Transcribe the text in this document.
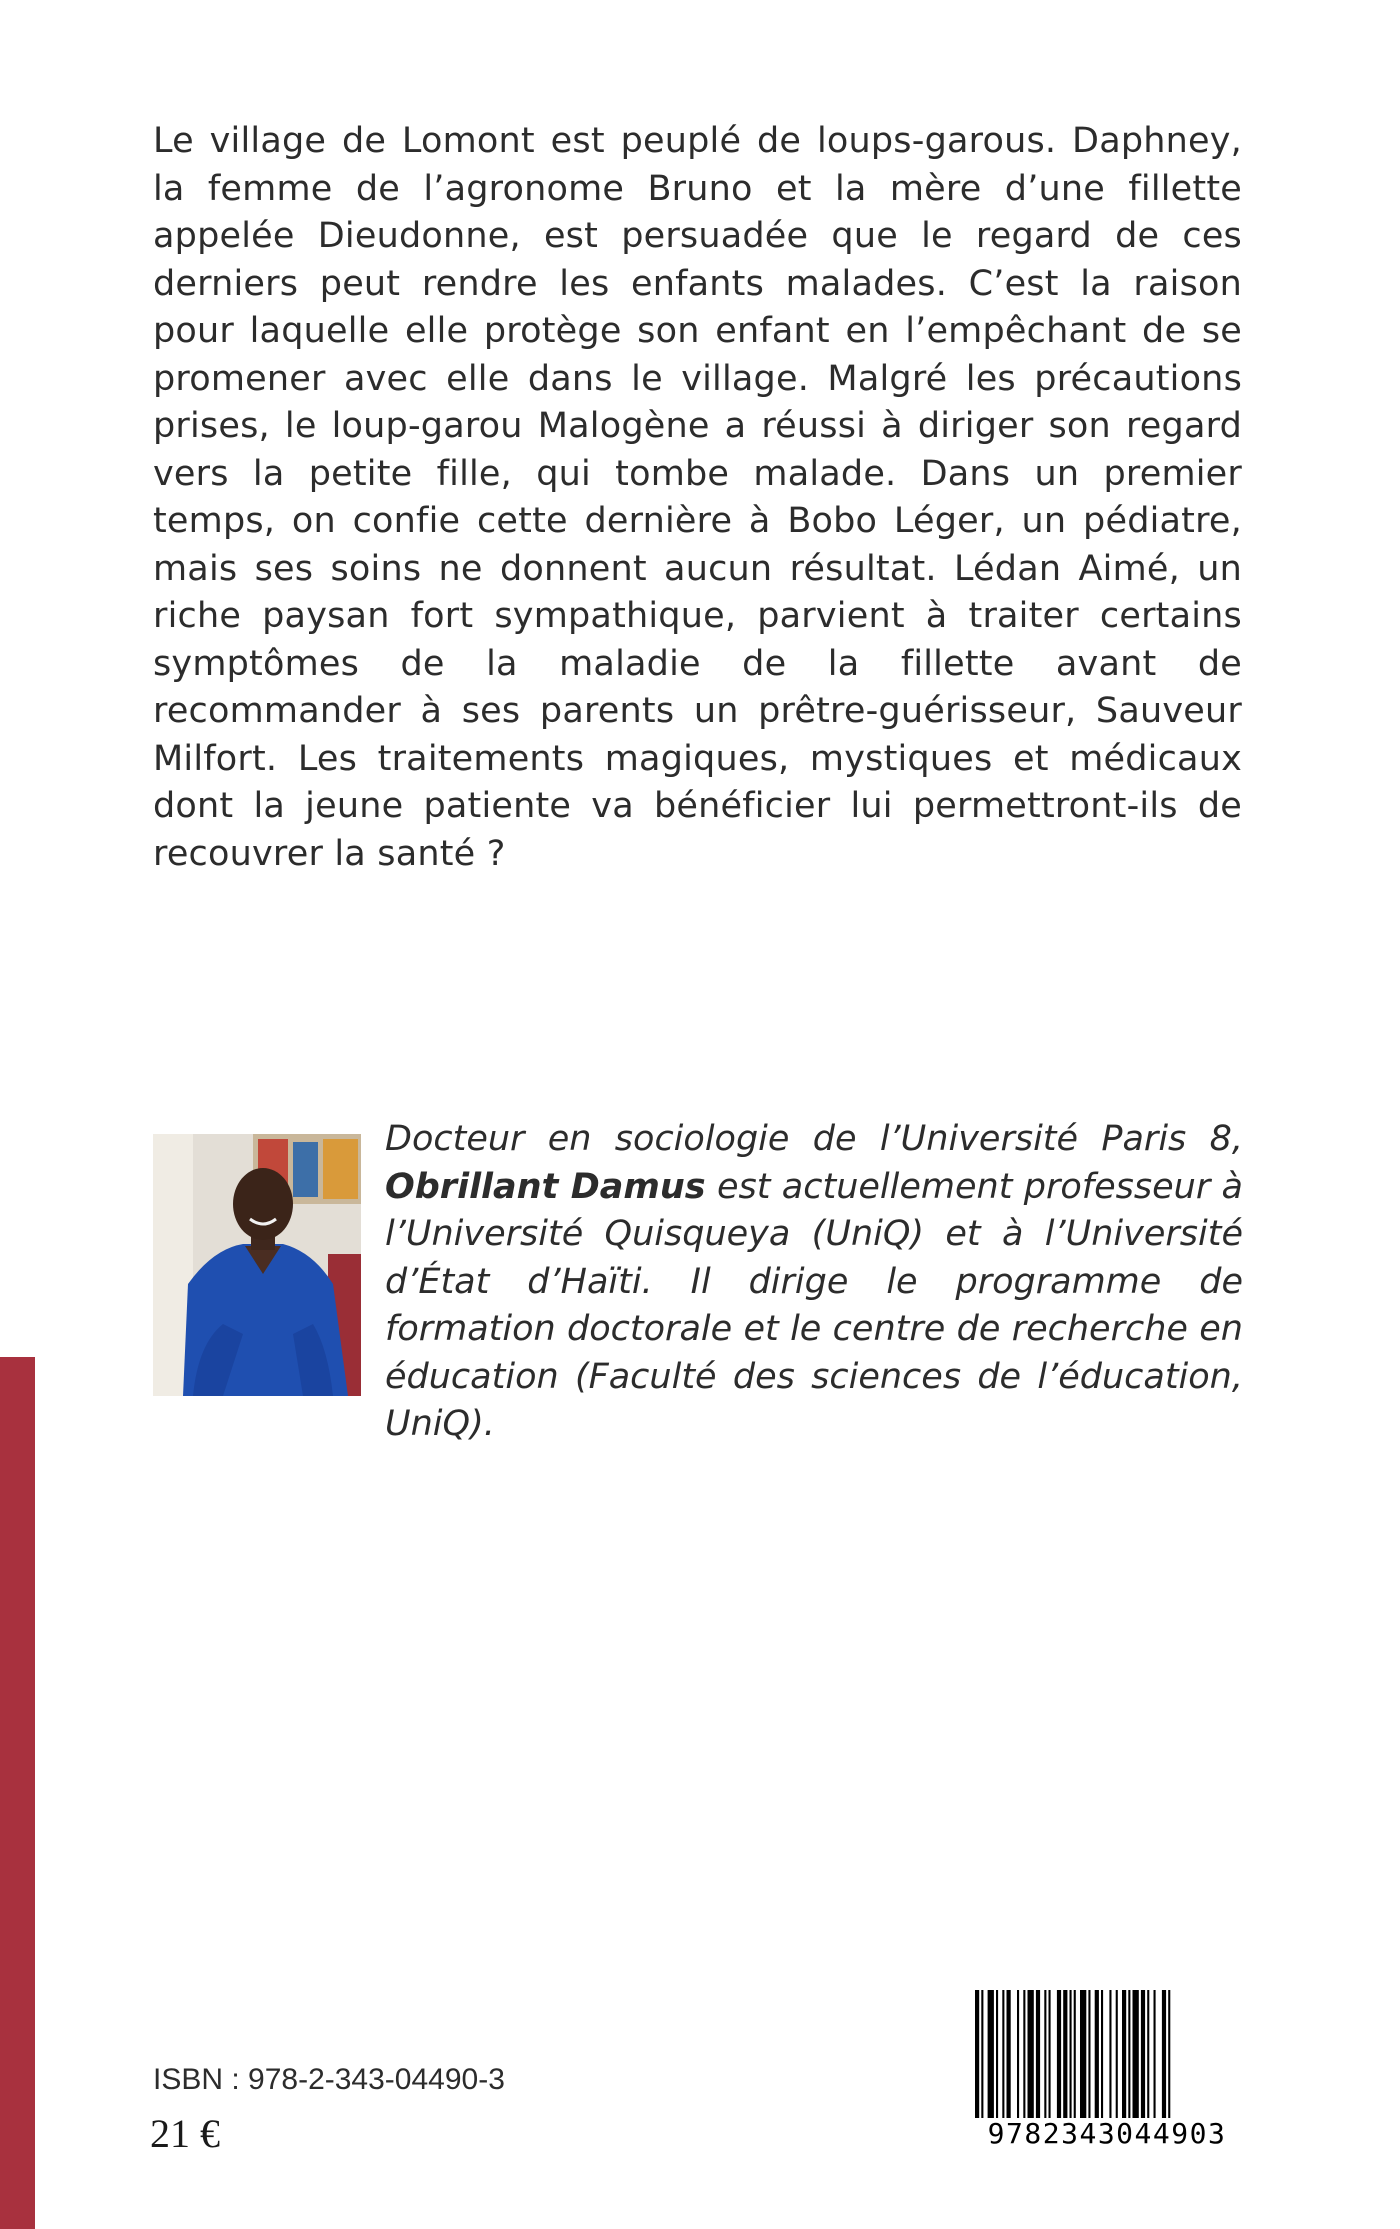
Le village de Lomont est peuplé de loups-garous. Daphney, la femme de l’agronome Bruno et la mère d’une fillette appelée Dieudonne, est persuadée que le regard de ces derniers peut rendre les enfants malades. C’est la raison pour laquelle elle protège son enfant en l’empêchant de se promener avec elle dans le village. Malgré les précautions prises, le loup-garou Malogène a réussi à diriger son regard vers la petite fille, qui tombe malade. Dans un premier temps, on confie cette dernière à Bobo Léger, un pédiatre, mais ses soins ne donnent aucun résultat. Lédan Aimé, un riche paysan fort sympathique, parvient à traiter certains symptômes de la maladie de la fillette avant de recommander à ses parents un prêtre-guérisseur, Sauveur Milfort. Les traitements magiques, mystiques et médicaux dont la jeune patiente va bénéficier lui permettront-ils de recouvrer la santé ?
Docteur en sociologie de l’Université Paris 8, Obrillant Damus est actuellement professeur à l’Université Quisqueya (UniQ) et à l’Université d’État d’Haïti. Il dirige le programme de formation doctorale et le centre de recherche en éducation (Faculté des sciences de l’éducation, UniQ).
ISBN : 978-2-343-04490-3
21 €	9782343044903
